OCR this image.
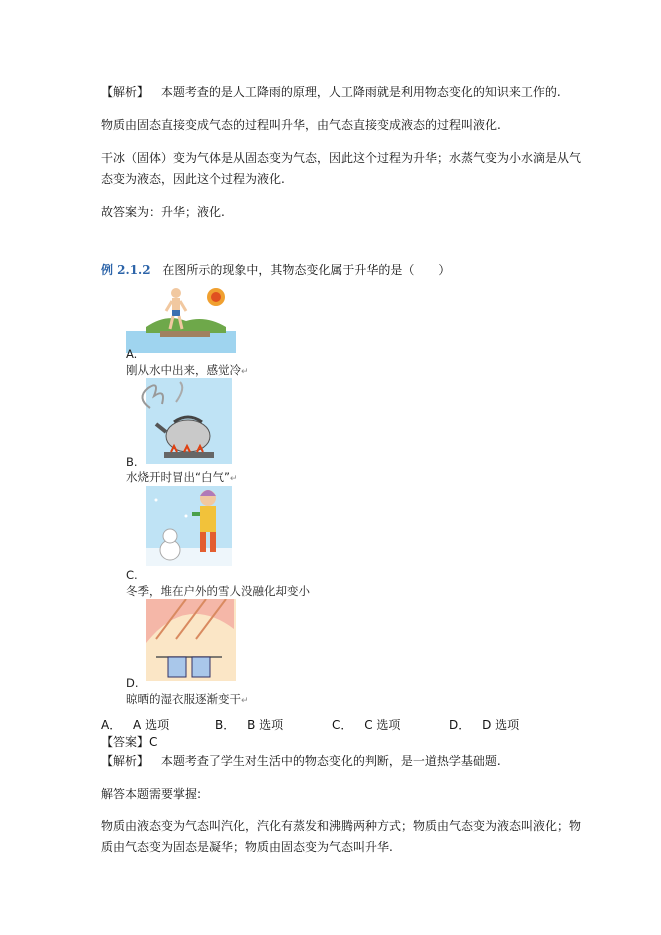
【解析】 本题考查的是人工降雨的原理，人工降雨就是利用物态变化的知识来工作的.
物质由固态直接变成气态的过程叫升华，由气态直接变成液态的过程叫液化.
干冰（固体）变为气体是从固态变为气态，因此这个过程为升华；水蒸气变为小水滴是从气
态变为液态，因此这个过程为液化.
故答案为：升华；液化.
例 2.1.2 在图所示的现象中，其物态变化属于升华的是（　　）
A.
刚从水中出来，感觉冷↵
B.
水烧开时冒出“白气”↵
C.
冬季，堆在户外的雪人没融化却变小
D.
晾晒的湿衣服逐渐变干↵
A． A 选项	B． B 选项	C． C 选项	D． D 选项
【答案】C
【解析】 本题考查了学生对生活中的物态变化的判断，是一道热学基础题.
解答本题需要掌握:
物质由液态变为气态叫汽化，汽化有蒸发和沸腾两种方式；物质由气态变为液态叫液化；物
质由气态变为固态是凝华；物质由固态变为气态叫升华.
